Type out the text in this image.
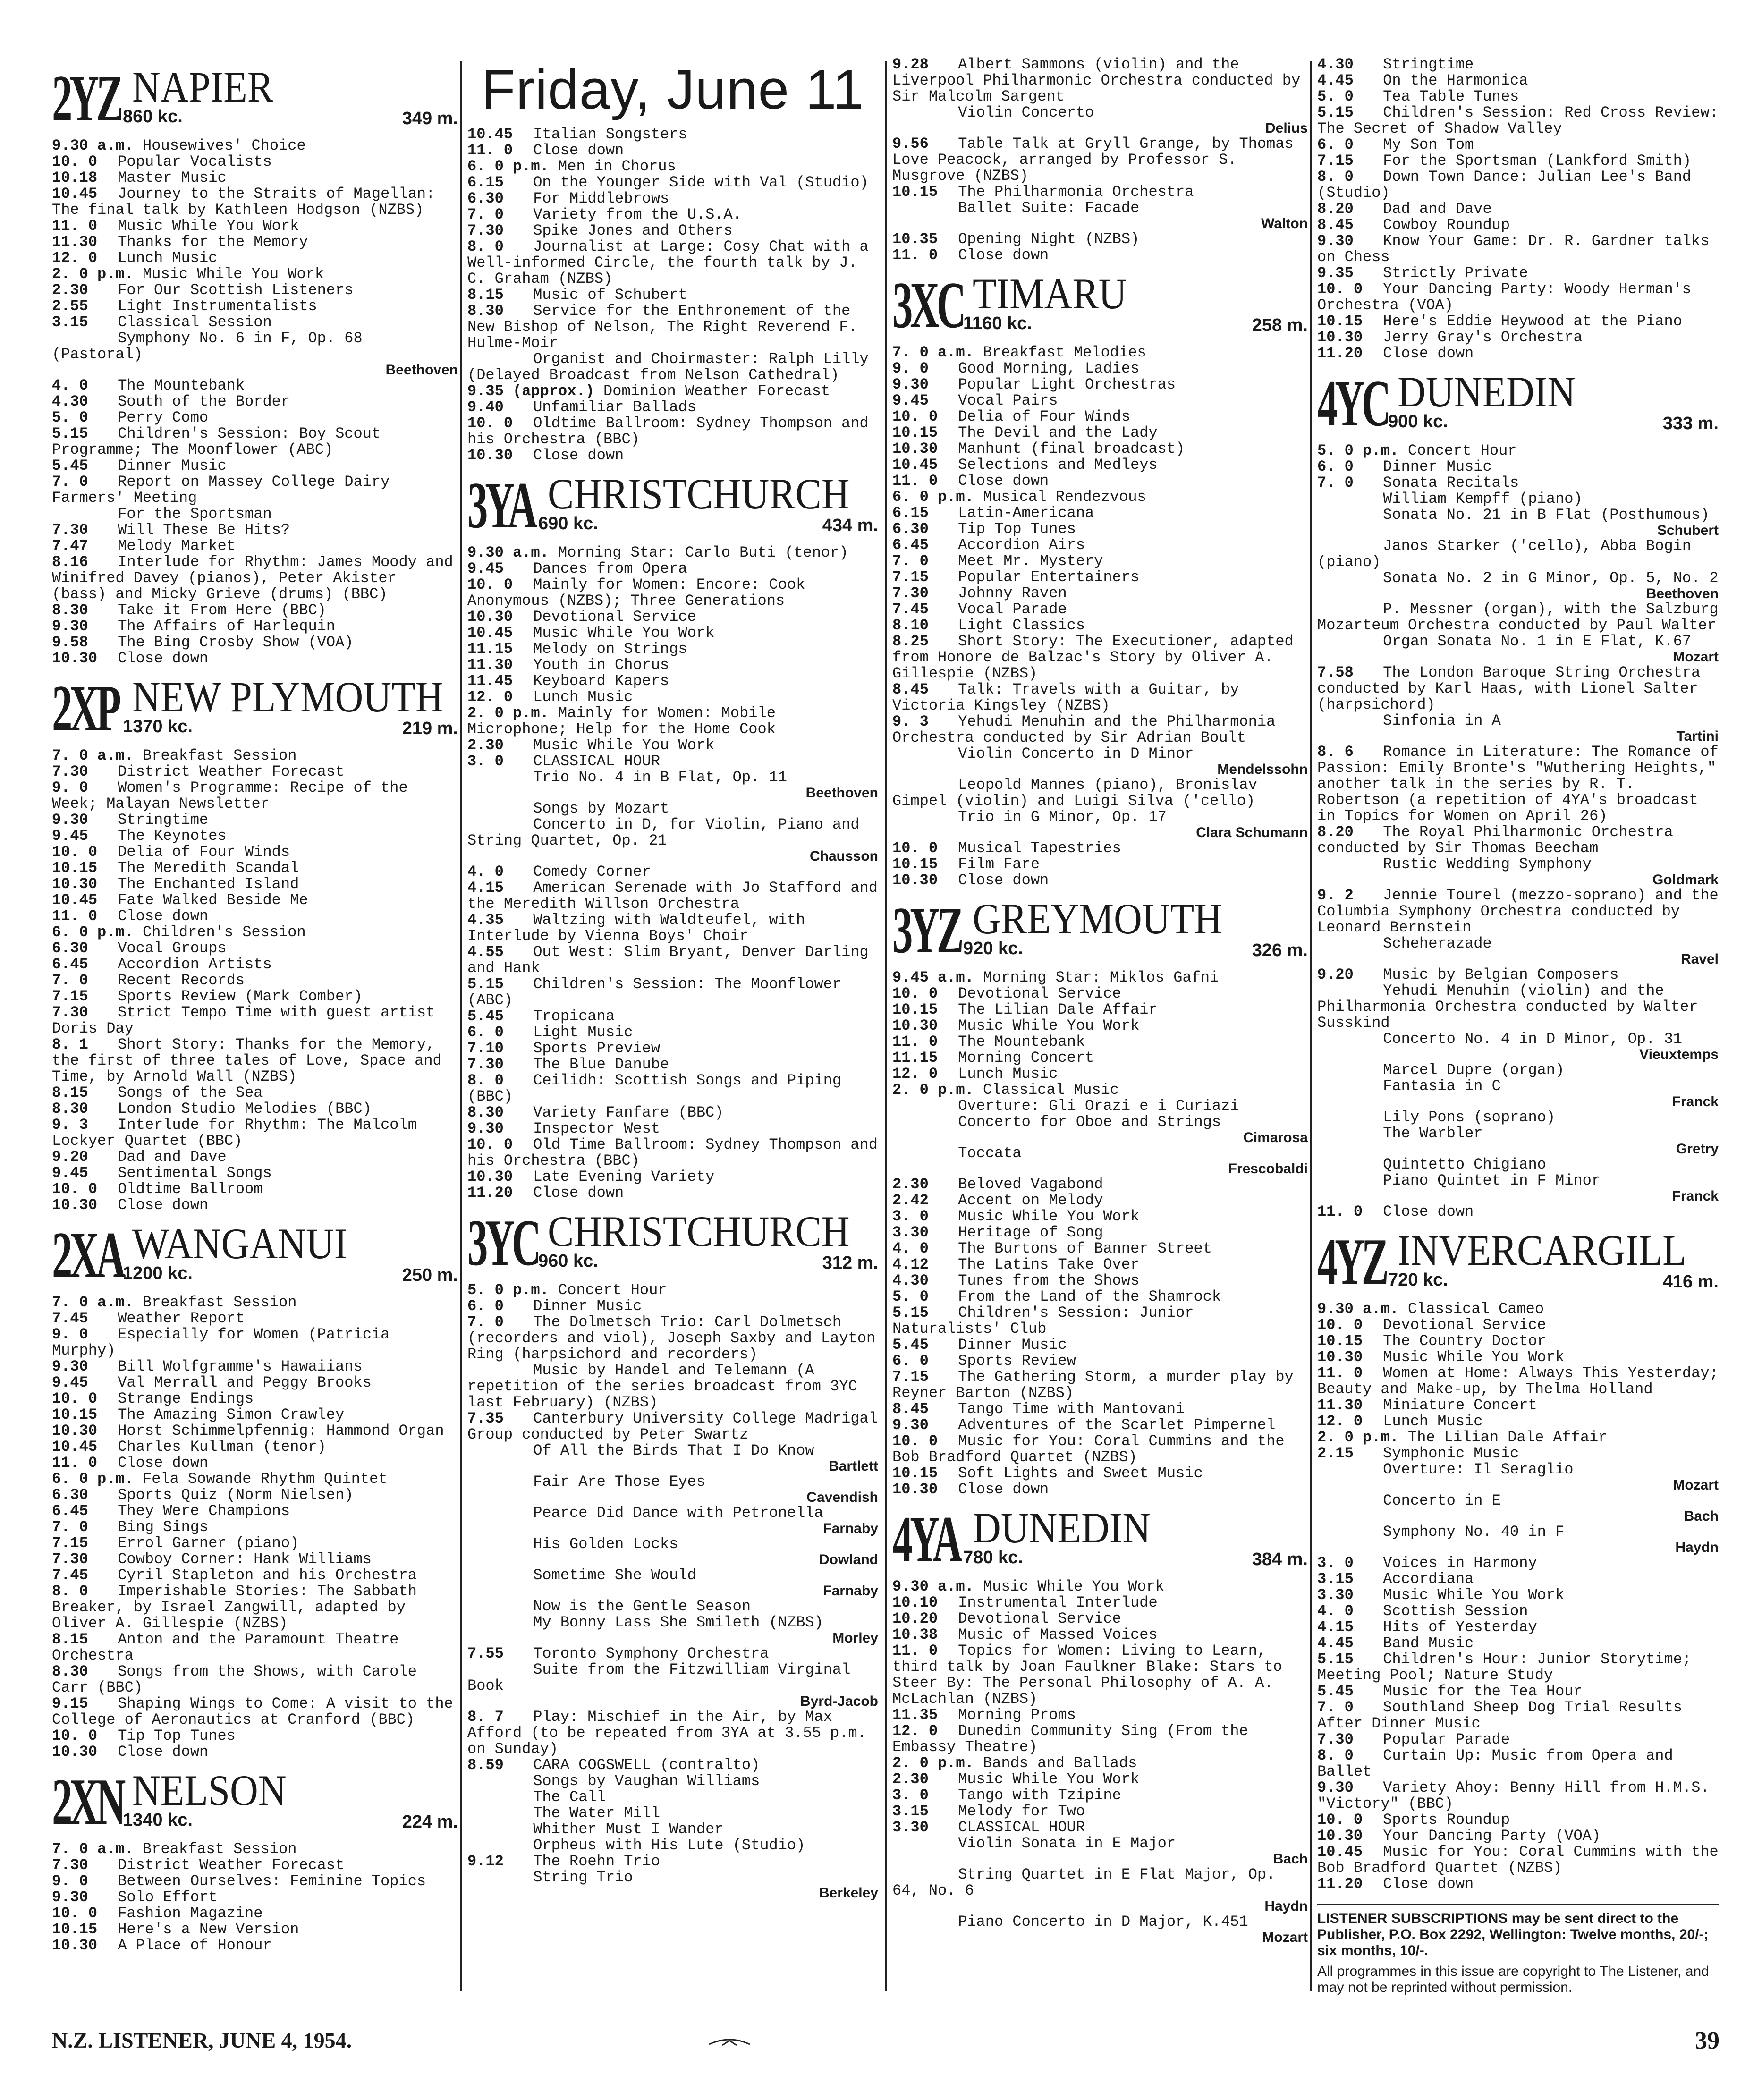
2YZ NAPIER
860 kc.	349 m.
9.30 a.m. Housewives' Choice
10. 0 Popular Vocalists
10.18 Master Music
10.45 Journey to the Straits of Magellan: The final talk by Kathleen Hodgson (NZBS)
11. 0 Music While You Work
11.30 Thanks for the Memory
12. 0 Lunch Music
2. 0 p.m. Music While You Work
2.30 For Our Scottish Listeners
2.55 Light Instrumentalists
3.15 Classical Session
Symphony No. 6 in F, Op. 68 (Pastoral)
Beethoven
4. 0 The Mountebank
4.30 South of the Border
5. 0 Perry Como
5.15 Children's Session: Boy Scout Programme; The Moonflower (ABC)
5.45 Dinner Music
7. 0 Report on Massey College Dairy Farmers' Meeting
For the Sportsman
7.30 Will These Be Hits?
7.47 Melody Market
8.16 Interlude for Rhythm: James Moody and Winifred Davey (pianos), Peter Akister (bass) and Micky Grieve (drums) (BBC)
8.30 Take it From Here (BBC)
9.30 The Affairs of Harlequin
9.58 The Bing Crosby Show (VOA)
10.30 Close down
2XP NEW PLYMOUTH
1370 kc.	219 m.
7. 0 a.m. Breakfast Session
7.30 District Weather Forecast
9. 0 Women's Programme: Recipe of the Week; Malayan Newsletter
9.30 Stringtime
9.45 The Keynotes
10. 0 Delia of Four Winds
10.15 The Meredith Scandal
10.30 The Enchanted Island
10.45 Fate Walked Beside Me
11. 0 Close down
6. 0 p.m. Children's Session
6.30 Vocal Groups
6.45 Accordion Artists
7. 0 Recent Records
7.15 Sports Review (Mark Comber)
7.30 Strict Tempo Time with guest artist Doris Day
8. 1 Short Story: Thanks for the Memory, the first of three tales of Love, Space and Time, by Arnold Wall (NZBS)
8.15 Songs of the Sea
8.30 London Studio Melodies (BBC)
9. 3 Interlude for Rhythm: The Malcolm Lockyer Quartet (BBC)
9.20 Dad and Dave
9.45 Sentimental Songs
10. 0 Oldtime Ballroom
10.30 Close down
2XA WANGANUI
1200 kc.	250 m.
7. 0 a.m. Breakfast Session
7.45 Weather Report
9. 0 Especially for Women (Patricia Murphy)
9.30 Bill Wolfgramme's Hawaiians
9.45 Val Merrall and Peggy Brooks
10. 0 Strange Endings
10.15 The Amazing Simon Crawley
10.30 Horst Schimmelpfennig: Hammond Organ
10.45 Charles Kullman (tenor)
11. 0 Close down
6. 0 p.m. Fela Sowande Rhythm Quintet
6.30 Sports Quiz (Norm Nielsen)
6.45 They Were Champions
7. 0 Bing Sings
7.15 Errol Garner (piano)
7.30 Cowboy Corner: Hank Williams
7.45 Cyril Stapleton and his Orchestra
8. 0 Imperishable Stories: The Sabbath Breaker, by Israel Zangwill, adapted by Oliver A. Gillespie (NZBS)
8.15 Anton and the Paramount Theatre Orchestra
8.30 Songs from the Shows, with Carole Carr (BBC)
9.15 Shaping Wings to Come: A visit to the College of Aeronautics at Cranford (BBC)
10. 0 Tip Top Tunes
10.30 Close down
2XN NELSON
1340 kc.	224 m.
7. 0 a.m. Breakfast Session
7.30 District Weather Forecast
9. 0 Between Ourselves: Feminine Topics
9.30 Solo Effort
10. 0 Fashion Magazine
10.15 Here's a New Version
10.30 A Place of Honour
Friday, June 11
10.45 Italian Songsters
11. 0 Close down
6. 0 p.m. Men in Chorus
6.15 On the Younger Side with Val (Studio)
6.30 For Middlebrows
7. 0 Variety from the U.S.A.
7.30 Spike Jones and Others
8. 0 Journalist at Large: Cosy Chat with a Well-informed Circle, the fourth talk by J. C. Graham (NZBS)
8.15 Music of Schubert
8.30 Service for the Enthronement of the New Bishop of Nelson, The Right Reverend F. Hulme-Moir
Organist and Choirmaster: Ralph Lilly (Delayed Broadcast from Nelson Cathedral)
9.35 (approx.) Dominion Weather Forecast
9.40 Unfamiliar Ballads
10. 0 Oldtime Ballroom: Sydney Thompson and his Orchestra (BBC)
10.30 Close down
3YA CHRISTCHURCH
690 kc.	434 m.
9.30 a.m. Morning Star: Carlo Buti (tenor)
9.45 Dances from Opera
10. 0 Mainly for Women: Encore: Cook Anonymous (NZBS); Three Generations
10.30 Devotional Service
10.45 Music While You Work
11.15 Melody on Strings
11.30 Youth in Chorus
11.45 Keyboard Kapers
12. 0 Lunch Music
2. 0 p.m. Mainly for Women: Mobile Microphone; Help for the Home Cook
2.30 Music While You Work
3. 0 CLASSICAL HOUR
Trio No. 4 in B Flat, Op. 11
Beethoven
Songs by Mozart
Concerto in D, for Violin, Piano and String Quartet, Op. 21
Chausson
4. 0 Comedy Corner
4.15 American Serenade with Jo Stafford and the Meredith Willson Orchestra
4.35 Waltzing with Waldteufel, with Interlude by Vienna Boys' Choir
4.55 Out West: Slim Bryant, Denver Darling and Hank
5.15 Children's Session: The Moonflower (ABC)
5.45 Tropicana
6. 0 Light Music
7.10 Sports Preview
7.30 The Blue Danube
8. 0 Ceilidh: Scottish Songs and Piping (BBC)
8.30 Variety Fanfare (BBC)
9.30 Inspector West
10. 0 Old Time Ballroom: Sydney Thompson and his Orchestra (BBC)
10.30 Late Evening Variety
11.20 Close down
3YC CHRISTCHURCH
960 kc.	312 m.
5. 0 p.m. Concert Hour
6. 0 Dinner Music
7. 0 The Dolmetsch Trio: Carl Dolmetsch (recorders and viol), Joseph Saxby and Layton Ring (harpsichord and recorders)
Music by Handel and Telemann (A repetition of the series broadcast from 3YC last February) (NZBS)
7.35 Canterbury University College Madrigal Group conducted by Peter Swartz
Of All the Birds That I Do Know
Bartlett
Fair Are Those Eyes
Cavendish
Pearce Did Dance with Petronella
Farnaby
His Golden Locks
Dowland
Sometime She Would
Farnaby
Now is the Gentle Season
My Bonny Lass She Smileth (NZBS)
Morley
7.55 Toronto Symphony Orchestra
Suite from the Fitzwilliam Virginal Book
Byrd-Jacob
8. 7 Play: Mischief in the Air, by Max Afford (to be repeated from 3YA at 3.55 p.m. on Sunday)
8.59 CARA COGSWELL (contralto)
Songs by Vaughan Williams
The Call
The Water Mill
Whither Must I Wander
Orpheus with His Lute (Studio)
9.12 The Roehn Trio
String Trio
Berkeley
9.28 Albert Sammons (violin) and the Liverpool Philharmonic Orchestra conducted by Sir Malcolm Sargent
Violin Concerto
Delius
9.56 Table Talk at Gryll Grange, by Thomas Love Peacock, arranged by Professor S. Musgrove (NZBS)
10.15 The Philharmonia Orchestra
Ballet Suite: Facade
Walton
10.35 Opening Night (NZBS)
11. 0 Close down
3XC TIMARU
1160 kc.	258 m.
7. 0 a.m. Breakfast Melodies
9. 0 Good Morning, Ladies
9.30 Popular Light Orchestras
9.45 Vocal Pairs
10. 0 Delia of Four Winds
10.15 The Devil and the Lady
10.30 Manhunt (final broadcast)
10.45 Selections and Medleys
11. 0 Close down
6. 0 p.m. Musical Rendezvous
6.15 Latin-Americana
6.30 Tip Top Tunes
6.45 Accordion Airs
7. 0 Meet Mr. Mystery
7.15 Popular Entertainers
7.30 Johnny Raven
7.45 Vocal Parade
8.10 Light Classics
8.25 Short Story: The Executioner, adapted from Honore de Balzac's Story by Oliver A. Gillespie (NZBS)
8.45 Talk: Travels with a Guitar, by Victoria Kingsley (NZBS)
9. 3 Yehudi Menuhin and the Philharmonia Orchestra conducted by Sir Adrian Boult
Violin Concerto in D Minor
Mendelssohn
Leopold Mannes (piano), Bronislav Gimpel (violin) and Luigi Silva ('cello)
Trio in G Minor, Op. 17
Clara Schumann
10. 0 Musical Tapestries
10.15 Film Fare
10.30 Close down
3YZ GREYMOUTH
920 kc.	326 m.
9.45 a.m. Morning Star: Miklos Gafni
10. 0 Devotional Service
10.15 The Lilian Dale Affair
10.30 Music While You Work
11. 0 The Mountebank
11.15 Morning Concert
12. 0 Lunch Music
2. 0 p.m. Classical Music
Overture: Gli Orazi e i Curiazi
Concerto for Oboe and Strings
Cimarosa
Toccata
Frescobaldi
2.30 Beloved Vagabond
2.42 Accent on Melody
3. 0 Music While You Work
3.30 Heritage of Song
4. 0 The Burtons of Banner Street
4.12 The Latins Take Over
4.30 Tunes from the Shows
5. 0 From the Land of the Shamrock
5.15 Children's Session: Junior Naturalists' Club
5.45 Dinner Music
6. 0 Sports Review
7.15 The Gathering Storm, a murder play by Reyner Barton (NZBS)
8.45 Tango Time with Mantovani
9.30 Adventures of the Scarlet Pimpernel
10. 0 Music for You: Coral Cummins and the Bob Bradford Quartet (NZBS)
10.15 Soft Lights and Sweet Music
10.30 Close down
4YA DUNEDIN
780 kc.	384 m.
9.30 a.m. Music While You Work
10.10 Instrumental Interlude
10.20 Devotional Service
10.38 Music of Massed Voices
11. 0 Topics for Women: Living to Learn, third talk by Joan Faulkner Blake: Stars to Steer By: The Personal Philosophy of A. A. McLachlan (NZBS)
11.35 Morning Proms
12. 0 Dunedin Community Sing (From the Embassy Theatre)
2. 0 p.m. Bands and Ballads
2.30 Music While You Work
3. 0 Tango with Tzipine
3.15 Melody for Two
3.30 CLASSICAL HOUR
Violin Sonata in E Major
Bach
String Quartet in E Flat Major, Op. 64, No. 6
Haydn
Piano Concerto in D Major, K.451
Mozart
4.30 Stringtime
4.45 On the Harmonica
5. 0 Tea Table Tunes
5.15 Children's Session: Red Cross Review: The Secret of Shadow Valley
6. 0 My Son Tom
7.15 For the Sportsman (Lankford Smith)
8. 0 Down Town Dance: Julian Lee's Band (Studio)
8.20 Dad and Dave
8.45 Cowboy Roundup
9.30 Know Your Game: Dr. R. Gardner talks on Chess
9.35 Strictly Private
10. 0 Your Dancing Party: Woody Herman's Orchestra (VOA)
10.15 Here's Eddie Heywood at the Piano
10.30 Jerry Gray's Orchestra
11.20 Close down
4YC DUNEDIN
900 kc.	333 m.
5. 0 p.m. Concert Hour
6. 0 Dinner Music
7. 0 Sonata Recitals
William Kempff (piano)
Sonata No. 21 in B Flat (Posthumous)
Schubert
Janos Starker ('cello), Abba Bogin (piano)
Sonata No. 2 in G Minor, Op. 5, No. 2
Beethoven
P. Messner (organ), with the Salzburg Mozarteum Orchestra conducted by Paul Walter
Organ Sonata No. 1 in E Flat, K.67
Mozart
7.58 The London Baroque String Orchestra conducted by Karl Haas, with Lionel Salter (harpsichord)
Sinfonia in A
Tartini
8. 6 Romance in Literature: The Romance of Passion: Emily Bronte's "Wuthering Heights," another talk in the series by R. T. Robertson (a repetition of 4YA's broadcast in Topics for Women on April 26)
8.20 The Royal Philharmonic Orchestra conducted by Sir Thomas Beecham
Rustic Wedding Symphony
Goldmark
9. 2 Jennie Tourel (mezzo-soprano) and the Columbia Symphony Orchestra conducted by Leonard Bernstein
Scheherazade
Ravel
9.20 Music by Belgian Composers
Yehudi Menuhin (violin) and the Philharmonia Orchestra conducted by Walter Susskind
Concerto No. 4 in D Minor, Op. 31
Vieuxtemps
Marcel Dupre (organ)
Fantasia in C
Franck
Lily Pons (soprano)
The Warbler
Gretry
Quintetto Chigiano
Piano Quintet in F Minor
Franck
11. 0 Close down
4YZ INVERCARGILL
720 kc.	416 m.
9.30 a.m. Classical Cameo
10. 0 Devotional Service
10.15 The Country Doctor
10.30 Music While You Work
11. 0 Women at Home: Always This Yesterday; Beauty and Make-up, by Thelma Holland
11.30 Miniature Concert
12. 0 Lunch Music
2. 0 p.m. The Lilian Dale Affair
2.15 Symphonic Music
Overture: Il Seraglio
Mozart
Concerto in E
Bach
Symphony No. 40 in F
Haydn
3. 0 Voices in Harmony
3.15 Accordiana
3.30 Music While You Work
4. 0 Scottish Session
4.15 Hits of Yesterday
4.45 Band Music
5.15 Children's Hour: Junior Storytime; Meeting Pool; Nature Study
5.45 Music for the Tea Hour
7. 0 Southland Sheep Dog Trial Results After Dinner Music
7.30 Popular Parade
8. 0 Curtain Up: Music from Opera and Ballet
9.30 Variety Ahoy: Benny Hill from H.M.S. "Victory" (BBC)
10. 0 Sports Roundup
10.30 Your Dancing Party (VOA)
10.45 Music for You: Coral Cummins with the Bob Bradford Quartet (NZBS)
11.20 Close down
LISTENER SUBSCRIPTIONS may be sent direct to the Publisher, P.O. Box 2292, Wellington: Twelve months, 20/-; six months, 10/-.
All programmes in this issue are copyright to The Listener, and may not be reprinted without permission.
N.Z. LISTENER, JUNE 4, 1954.	39
